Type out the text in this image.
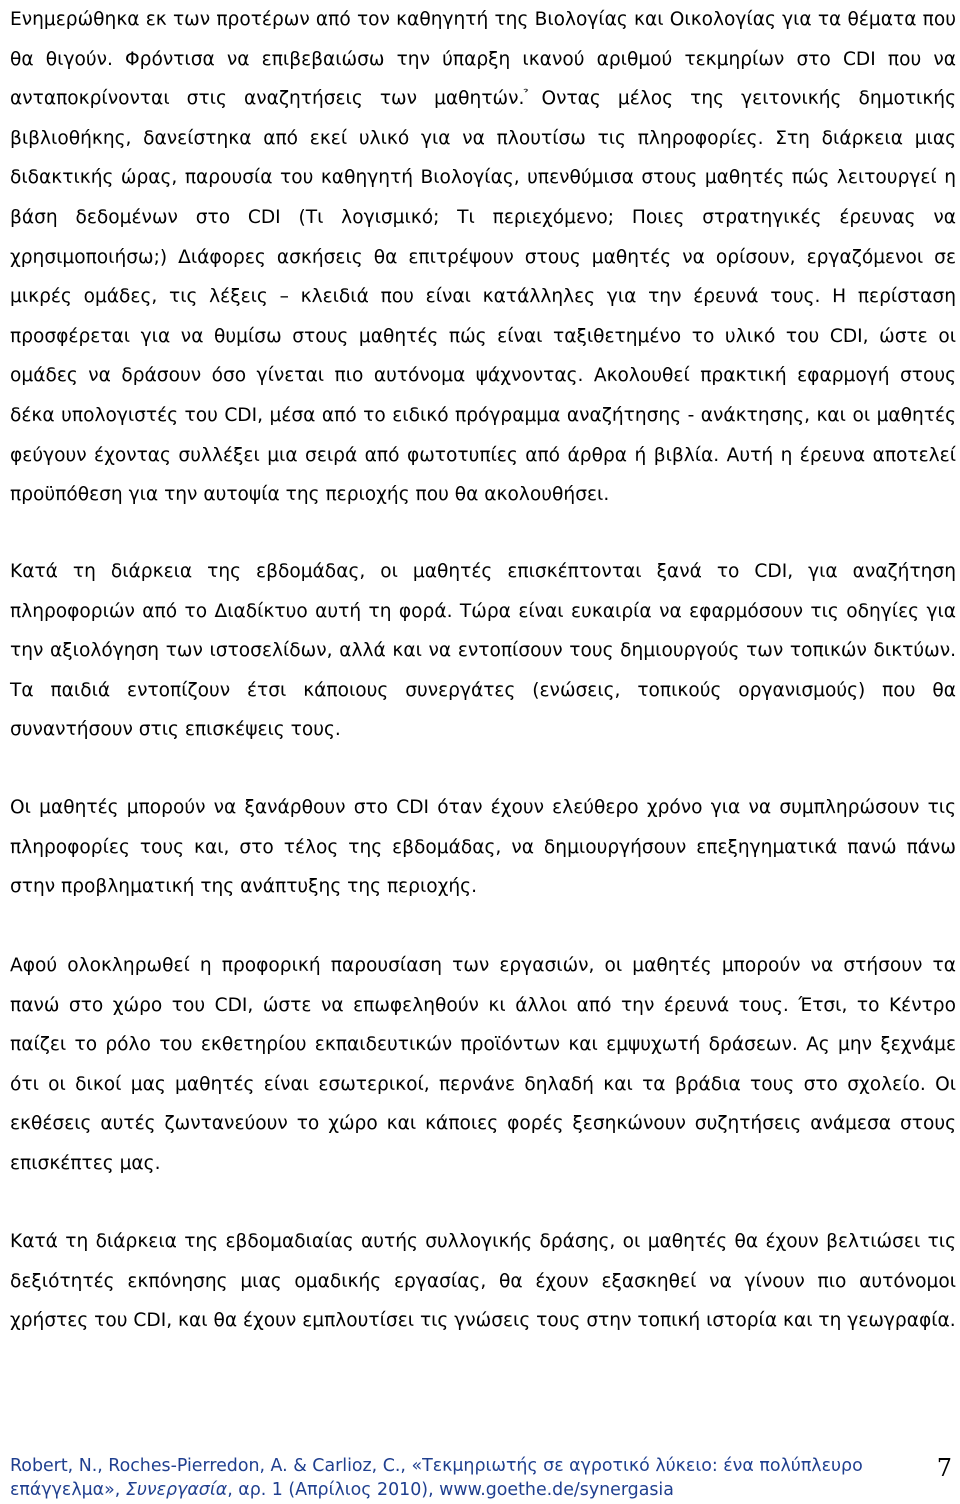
Ενημερώθηκα εκ των προτέρων από τον καθηγητή της Βιολογίας και Οικολογίας για τα θέματα που θα θιγούν. Φρόντισα να επιβεβαιώσω την ύπαρξη ικανού αριθμού τεκμηρίων στο CDI που να ανταποκρίνονται στις αναζητήσεις των μαθητών. ̉Οντας μέλος της γειτονικής δημοτικής βιβλιοθήκης, δανείστηκα από εκεί υλικό για να πλουτίσω τις πληροφορίες. Στη διάρκεια μιας διδακτικής ώρας, παρουσία του καθηγητή Βιολογίας, υπενθύμισα στους μαθητές πώς λειτουργεί η βάση δεδομένων στο CDI (Τι λογισμικό; Τι περιεχόμενο; Ποιες στρατηγικές έρευνας να χρησιμοποιήσω;) Διάφορες ασκήσεις θα επιτρέψουν στους μαθητές να ορίσουν, εργαζόμενοι σε μικρές ομάδες, τις λέξεις – κλειδιά που είναι κατάλληλες για την έρευνά τους. Η περίσταση προσφέρεται για να θυμίσω στους μαθητές πώς είναι ταξιθετημένο το υλικό του CDI, ώστε οι ομάδες να δράσουν όσο γίνεται πιο αυτόνομα ψάχνοντας. Ακολουθεί πρακτική εφαρμογή στους δέκα υπολογιστές του CDI, μέσα από το ειδικό πρόγραμμα αναζήτησης - ανάκτησης, και οι μαθητές φεύγουν έχοντας συλλέξει μια σειρά από φωτοτυπίες από άρθρα ή βιβλία. Αυτή η έρευνα αποτελεί προϋπόθεση για την αυτοψία της περιοχής που θα ακολουθήσει.

Κατά τη διάρκεια της εβδομάδας, οι μαθητές επισκέπτονται ξανά το CDI, για αναζήτηση πληροφοριών από το Διαδίκτυο αυτή τη φορά. Τώρα είναι ευκαιρία να εφαρμόσουν τις οδηγίες για την αξιολόγηση των ιστοσελίδων, αλλά και να εντοπίσουν τους δημιουργούς των τοπικών δικτύων. Τα παιδιά εντοπίζουν έτσι κάποιους συνεργάτες (ενώσεις, τοπικούς οργανισμούς) που θα συναντήσουν στις επισκέψεις τους.

Οι μαθητές μπορούν να ξανάρθουν στο CDI όταν έχουν ελεύθερο χρόνο για να συμπληρώσουν τις πληροφορίες τους και, στο τέλος της εβδομάδας, να δημιουργήσουν επεξηγηματικά πανώ πάνω στην προβληματική της ανάπτυξης της περιοχής.

Αφού ολοκληρωθεί η προφορική παρουσίαση των εργασιών, οι μαθητές μπορούν να στήσουν τα πανώ στο χώρο του CDI, ώστε να επωφεληθούν κι άλλοι από την έρευνά τους. Έτσι, το Κέντρο παίζει το ρόλο του εκθετηρίου εκπαιδευτικών προϊόντων και εμψυχωτή δράσεων. Ας μην ξεχνάμε ότι οι δικοί μας μαθητές είναι εσωτερικοί, περνάνε δηλαδή και τα βράδια τους στο σχολείο. Οι εκθέσεις αυτές ζωντανεύουν το χώρο και κάποιες φορές ξεσηκώνουν συζητήσεις ανάμεσα στους επισκέπτες μας.

Κατά τη διάρκεια της εβδομαδιαίας αυτής συλλογικής δράσης, οι μαθητές θα έχουν βελτιώσει τις δεξιότητές εκπόνησης μιας ομαδικής εργασίας, θα έχουν εξασκηθεί να γίνουν πιο αυτόνομοι χρήστες του CDI, και θα έχουν εμπλουτίσει τις γνώσεις τους στην τοπική ιστορία και τη γεωγραφία.

Robert, N., Roches-Pierredon, A. & Carlioz, C., «Τεκμηριωτής σε αγροτικό λύκειο: ένα πολύπλευρο επάγγελμα», Συνεργασία, αρ. 1 (Απρίλιος 2010), www.goethe.de/synergasia
7
